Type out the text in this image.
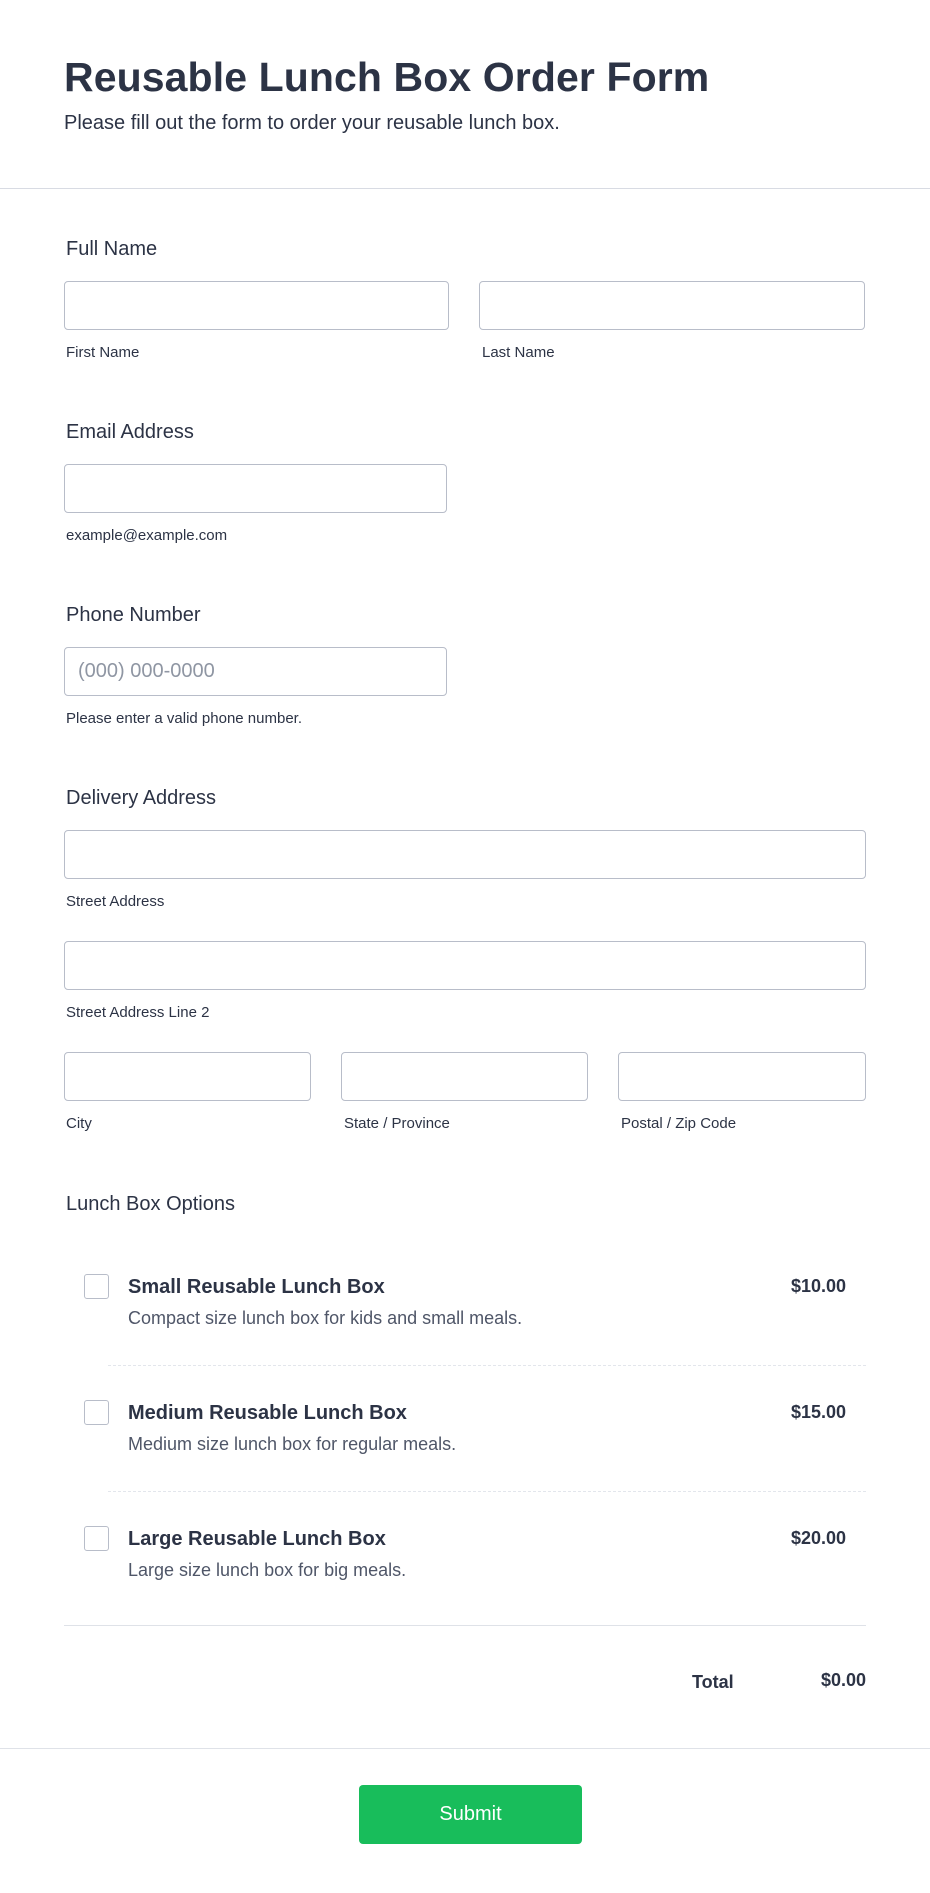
Reusable Lunch Box Order Form

Please fill out the form to order your reusable lunch box.

Full Name
First Name	Last Name
Email Address
example@example.com
Phone Number
(000) 000-0000
Please enter a valid phone number.
Delivery Address
Street Address
Street Address Line 2
City	State / Province	Postal / Zip Code
Lunch Box Options
Small Reusable Lunch Box
Compact size lunch box for kids and small meals.
$10.00
Medium Reusable Lunch Box
Medium size lunch box for regular meals.
$15.00
Large Reusable Lunch Box
Large size lunch box for big meals.
$20.00
Total	$0.00
Submit
